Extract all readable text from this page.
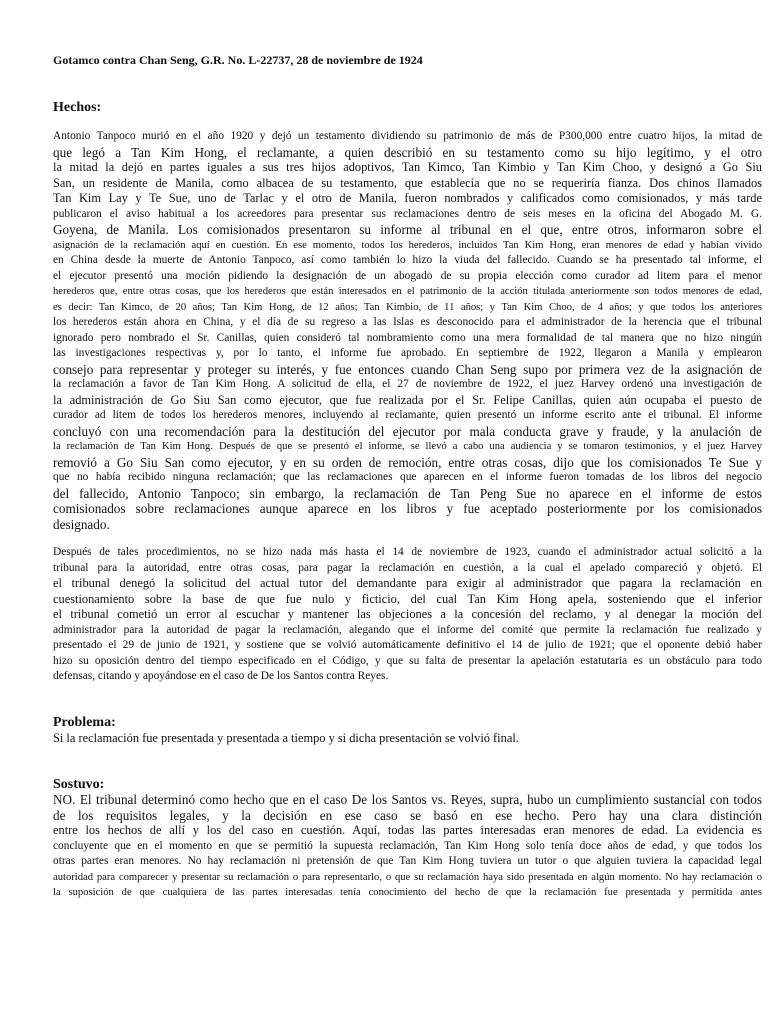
Gotamco contra Chan Seng, G.R. No. L-22737, 28 de noviembre de 1924
Hechos:
Antonio Tanpoco murió en el año 1920 y dejó un testamento dividiendo su patrimonio de más de P300,000 entre cuatro hijos, la mitad de
que legó a Tan Kim Hong, el reclamante, a quien describió en su testamento como su hijo legítimo, y el otro
la mitad la dejó en partes iguales a sus tres hijos adoptivos, Tan Kimco, Tan Kimbio y Tan Kim Choo, y designó a Go Siu
San, un residente de Manila, como albacea de su testamento, que establecía que no se requeriría fianza. Dos chinos llamados
Tan Kim Lay y Te Sue, uno de Tarlac y el otro de Manila, fueron nombrados y calificados como comisionados, y más tarde
publicaron el aviso habitual a los acreedores para presentar sus reclamaciones dentro de seis meses en la oficina del Abogado M. G.
Goyena, de Manila. Los comisionados presentaron su informe al tribunal en el que, entre otros, informaron sobre el
asignación de la reclamación aquí en cuestión. En ese momento, todos los herederos, incluidos Tan Kim Hong, eran menores de edad y habían vivido
en China desde la muerte de Antonio Tanpoco, así como también lo hizo la viuda del fallecido. Cuando se ha presentado tal informe, el
el ejecutor presentó una moción pidiendo la designación de un abogado de su propia elección como curador ad litem para el menor
herederos que, entre otras cosas, que los herederos que están interesados en el patrimonio de la acción titulada anteriormente son todos menores de edad,
es decir: Tan Kimco, de 20 años; Tan Kim Hong, de 12 años; Tan Kimbio, de 11 años; y Tan Kim Choo, de 4 años; y que todos los anteriores
los herederos están ahora en China, y el día de su regreso a las Islas es desconocido para el administrador de la herencia que el tribunal
ignorado pero nombrado el Sr. Canillas, quien consideró tal nombramiento como una mera formalidad de tal manera que no hizo ningún
las investigaciones respectivas y, por lo tanto, el informe fue aprobado. En septiembre de 1922, llegaron a Manila y emplearon
consejo para representar y proteger su interés, y fue entonces cuando Chan Seng supo por primera vez de la asignación de
la reclamación a favor de Tan Kim Hong. A solicitud de ella, el 27 de noviembre de 1922, el juez Harvey ordenó una investigación de
la administración de Go Siu San como ejecutor, que fue realizada por el Sr. Felipe Canillas, quien aún ocupaba el puesto de
curador ad litem de todos los herederos menores, incluyendo al reclamante, quien presentó un informe escrito ante el tribunal. El informe
concluyó con una recomendación para la destitución del ejecutor por mala conducta grave y fraude, y la anulación de
la reclamación de Tan Kim Hong. Después de que se presentó el informe, se llevó a cabo una audiencia y se tomaron testimonios, y el juez Harvey
removió a Go Siu San como ejecutor, y en su orden de remoción, entre otras cosas, dijo que los comisionados Te Sue y
que no había recibido ninguna reclamación; que las reclamaciones que aparecen en el informe fueron tomadas de los libros del negocio
del fallecido, Antonio Tanpoco; sin embargo, la reclamación de Tan Peng Sue no aparece en el informe de estos
comisionados sobre reclamaciones aunque aparece en los libros y fue aceptado posteriormente por los comisionados
designado.
Después de tales procedimientos, no se hizo nada más hasta el 14 de noviembre de 1923, cuando el administrador actual solicitó a la
tribunal para la autoridad, entre otras cosas, para pagar la reclamación en cuestión, a la cual el apelado compareció y objetó. El
el tribunal denegó la solicitud del actual tutor del demandante para exigir al administrador que pagara la reclamación en
cuestionamiento sobre la base de que fue nulo y ficticio, del cual Tan Kim Hong apela, sosteniendo que el inferior
el tribunal cometió un error al escuchar y mantener las objeciones a la concesión del reclamo, y al denegar la moción del
administrador para la autoridad de pagar la reclamación, alegando que el informe del comité que permite la reclamación fue realizado y
presentado el 29 de junio de 1921, y sostiene que se volvió automáticamente definitivo el 14 de julio de 1921; que el oponente debió haber
hizo su oposición dentro del tiempo especificado en el Código, y que su falta de presentar la apelación estatutaria es un obstáculo para todo
defensas, citando y apoyándose en el caso de De los Santos contra Reyes.
Problema:
Si la reclamación fue presentada y presentada a tiempo y si dicha presentación se volvió final.
Sostuvo:
NO. El tribunal determinó como hecho que en el caso De los Santos vs. Reyes, supra, hubo un cumplimiento sustancial con todos
de los requisitos legales, y la decisión en ese caso se basó en ese hecho. Pero hay una clara distinción
entre los hechos de allí y los del caso en cuestión. Aquí, todas las partes interesadas eran menores de edad. La evidencia es
concluyente que en el momento en que se permitió la supuesta reclamación, Tan Kim Hong solo tenía doce años de edad, y que todos los
otras partes eran menores. No hay reclamación ni pretensión de que Tan Kim Hong tuviera un tutor o que alguien tuviera la capacidad legal
autoridad para comparecer y presentar su reclamación o para representarlo, o que su reclamación haya sido presentada en algún momento. No hay reclamación o
la suposición de que cualquiera de las partes interesadas tenía conocimiento del hecho de que la reclamación fue presentada y permitida antes
